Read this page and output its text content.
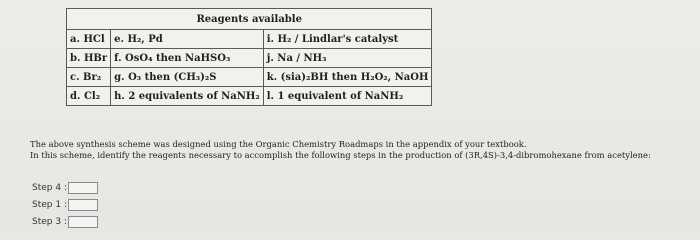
Reagents available		
a. HCl	e. H₂, Pd	i. H₂ / Lindlar's catalyst
b. HBr	f. OsO₄ then NaHSO₃	j. Na / NH₃
c. Br₂	g. O₃ then (CH₃)₂S	k. (sia)₂BH then H₂O₂, NaOH
d. Cl₂	h. 2 equivalents of NaNH₂	l. 1 equivalent of NaNH₂

The above synthesis scheme was designed using the Organic Chemistry Roadmaps in the appendix of your textbook.

In this scheme, identify the reagents necessary to accomplish the following steps in the production of (3R,4S)-3,4-dibromohexane from acetylene:

Step 4 :
Step 1 :
Step 3 :
